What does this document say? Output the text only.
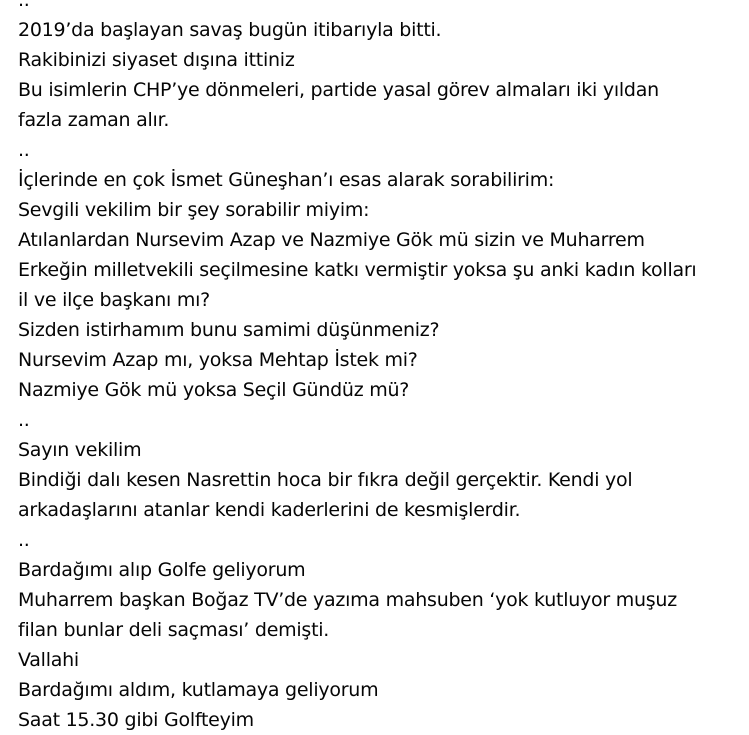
..
2019’da başlayan savaş bugün itibarıyla bitti.
Rakibinizi siyaset dışına ittiniz
Bu isimlerin CHP’ye dönmeleri, partide yasal görev almaları iki yıldan
fazla zaman alır.
..
İçlerinde en çok İsmet Güneşhan’ı esas alarak sorabilirim:
Sevgili vekilim bir şey sorabilir miyim:
Atılanlardan Nursevim Azap ve Nazmiye Gök mü sizin ve Muharrem
Erkeğin milletvekili seçilmesine katkı vermiştir yoksa şu anki kadın kolları
il ve ilçe başkanı mı?
Sizden istirhamım bunu samimi düşünmeniz?
Nursevim Azap mı, yoksa Mehtap İstek mi?
Nazmiye Gök mü yoksa Seçil Gündüz mü?
..
Sayın vekilim
Bindiği dalı kesen Nasrettin hoca bir fıkra değil gerçektir. Kendi yol
arkadaşlarını atanlar kendi kaderlerini de kesmişlerdir.
..
Bardağımı alıp Golfe geliyorum
Muharrem başkan Boğaz TV’de yazıma mahsuben ‘yok kutluyor muşuz
filan bunlar deli saçması’ demişti.
Vallahi
Bardağımı aldım, kutlamaya geliyorum
Saat 15.30 gibi Golfteyim
